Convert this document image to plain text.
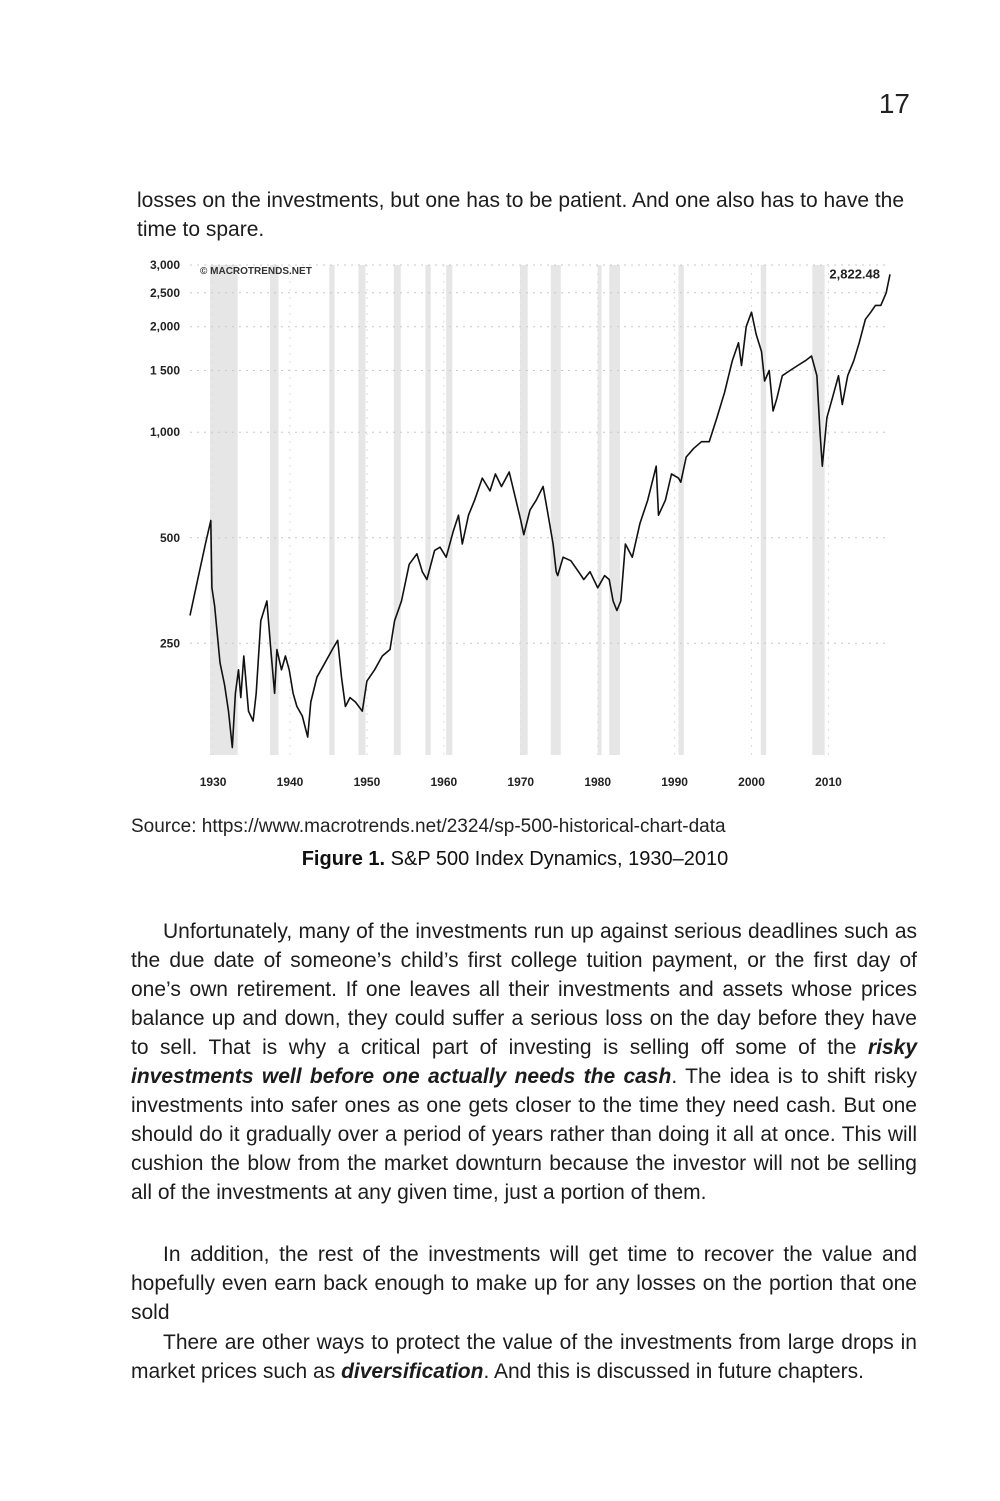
17

losses on the investments, but one has to be patient. And one also has to have the time to spare.

3,000
2,500
2,000
1 500
1,000
500
250
1930	1940	1950	1960	1970	1980	1990	2000	2010
© MACROTRENDS.NET	2,822.48
Source: https://www.macrotrends.net/2324/sp-500-historical-chart-data
Figure 1. S&P 500 Index Dynamics, 1930–2010

Unfortunately, many of the investments run up against serious deadlines such as the due date of someone’s child’s first college tuition payment, or the first day of one’s own retirement. If one leaves all their investments and assets whose prices balance up and down, they could suffer a serious loss on the day before they have to sell. That is why a critical part of investing is selling off some of the risky investments well before one actually needs the cash. The idea is to shift risky investments into safer ones as one gets closer to the time they need cash. But one should do it gradually over a period of years rather than doing it all at once. This will cushion the blow from the market downturn because the investor will not be selling all of the investments at any given time, just a portion of them.

In addition, the rest of the investments will get time to recover the value and hopefully even earn back enough to make up for any losses on the portion that one sold

There are other ways to protect the value of the investments from large drops in market prices such as diversification. And this is discussed in future chapters.
